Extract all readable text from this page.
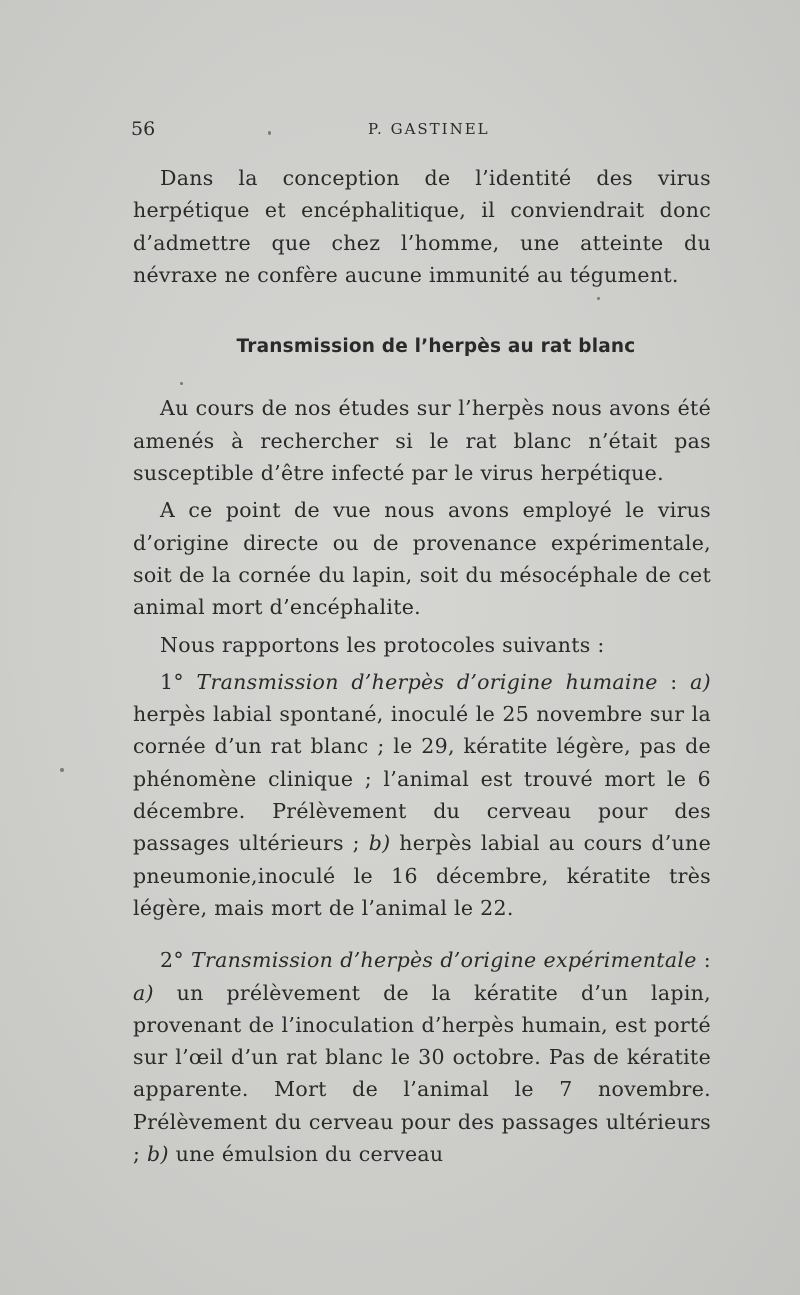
56	P. GASTINEL

Dans la conception de l’identité des virus herpétique et encéphalitique, il conviendrait donc d’admettre que chez l’homme, une atteinte du névraxe ne confère aucune immunité au tégument.

Transmission de l’herpès au rat blanc

Au cours de nos études sur l’herpès nous avons été amenés à rechercher si le rat blanc n’était pas susceptible d’être infecté par le virus herpétique.

A ce point de vue nous avons employé le virus d’origine directe ou de provenance expérimentale, soit de la cornée du lapin, soit du mésocéphale de cet animal mort d’encéphalite.

Nous rapportons les protocoles suivants :

1° Transmission d’herpès d’origine humaine : a) herpès labial spontané, inoculé le 25 novembre sur la cornée d’un rat blanc ; le 29, kératite légère, pas de phénomène clinique ; l’animal est trouvé mort le 6 décembre. Prélèvement du cerveau pour des passages ultérieurs ; b) herpès labial au cours d’une pneumonie,inoculé le 16 décembre, kératite très légère, mais mort de l’animal le 22.

2° Transmission d’herpès d’origine expérimentale : a) un prélèvement de la kératite d’un lapin, provenant de l’inoculation d’herpès humain, est porté sur l’œil d’un rat blanc le 30 octobre. Pas de kératite apparente. Mort de l’animal le 7 novembre. Prélèvement du cerveau pour des passages ultérieurs ; b) une émulsion du cerveau
